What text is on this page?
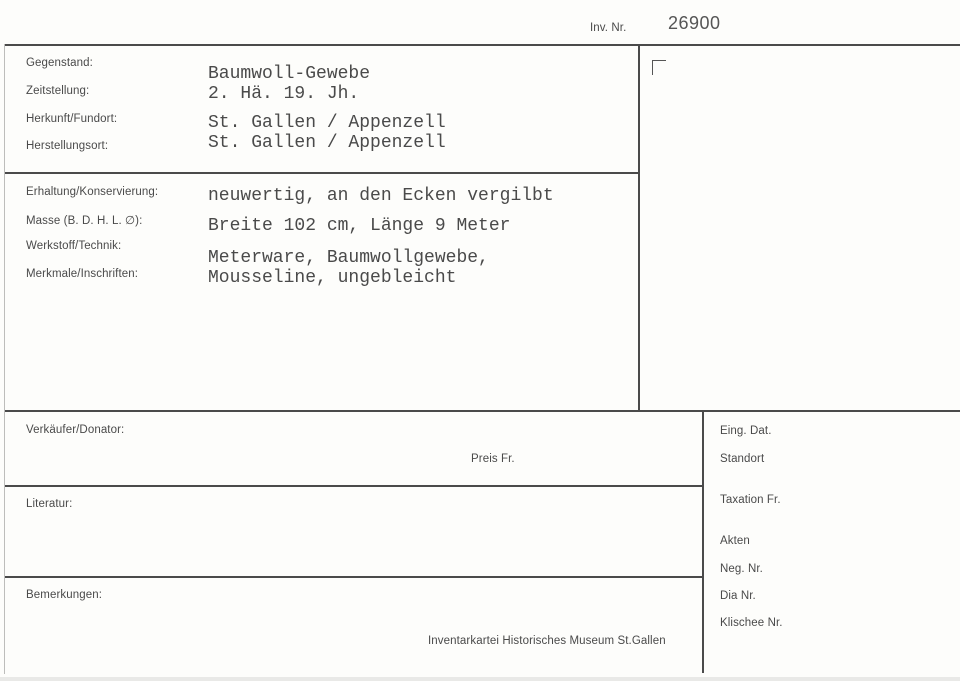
Inv. Nr. 26900
Gegenstand:
Zeitstellung:
Herkunft/Fundort:
Herstellungsort:
Baumwoll-Gewebe
2. Hä. 19. Jh.
St. Gallen / Appenzell
St. Gallen / Appenzell
Erhaltung/Konservierung:
Masse (B. D. H. L. ∅):
Werkstoff/Technik:
Merkmale/Inschriften:
neuwertig, an den Ecken vergilbt
Breite 102 cm, Länge 9 Meter
Meterware, Baumwollgewebe,
Mousseline, ungebleicht
Verkäufer/Donator:
Preis Fr.
Literatur:
Bemerkungen:
Inventarkartei Historisches Museum St.Gallen
Eing. Dat.
Standort
Taxation Fr.
Akten
Neg. Nr.
Dia Nr.
Klischee Nr.
